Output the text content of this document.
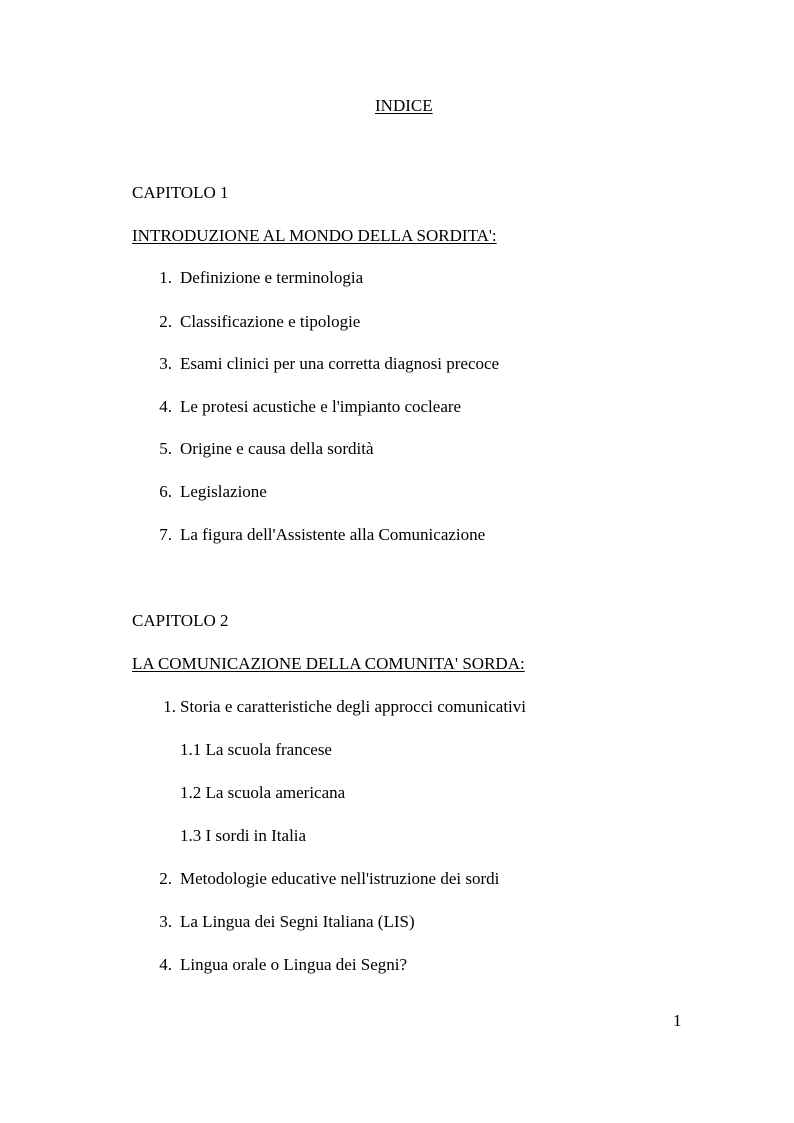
INDICE
CAPITOLO 1
INTRODUZIONE AL MONDO DELLA SORDITA':
1. Definizione e terminologia
2. Classificazione e tipologie
3. Esami clinici per una corretta diagnosi precoce
4. Le protesi acustiche e l'impianto cocleare
5. Origine e causa della sordità
6. Legislazione
7. La figura dell'Assistente alla Comunicazione
CAPITOLO 2
LA COMUNICAZIONE DELLA COMUNITA' SORDA:
1. Storia e caratteristiche degli approcci comunicativi
1.1 La scuola francese
1.2 La scuola americana
1.3 I sordi in Italia
2. Metodologie educative nell'istruzione dei sordi
3. La Lingua dei Segni Italiana (LIS)
4. Lingua orale o Lingua dei Segni?
1
